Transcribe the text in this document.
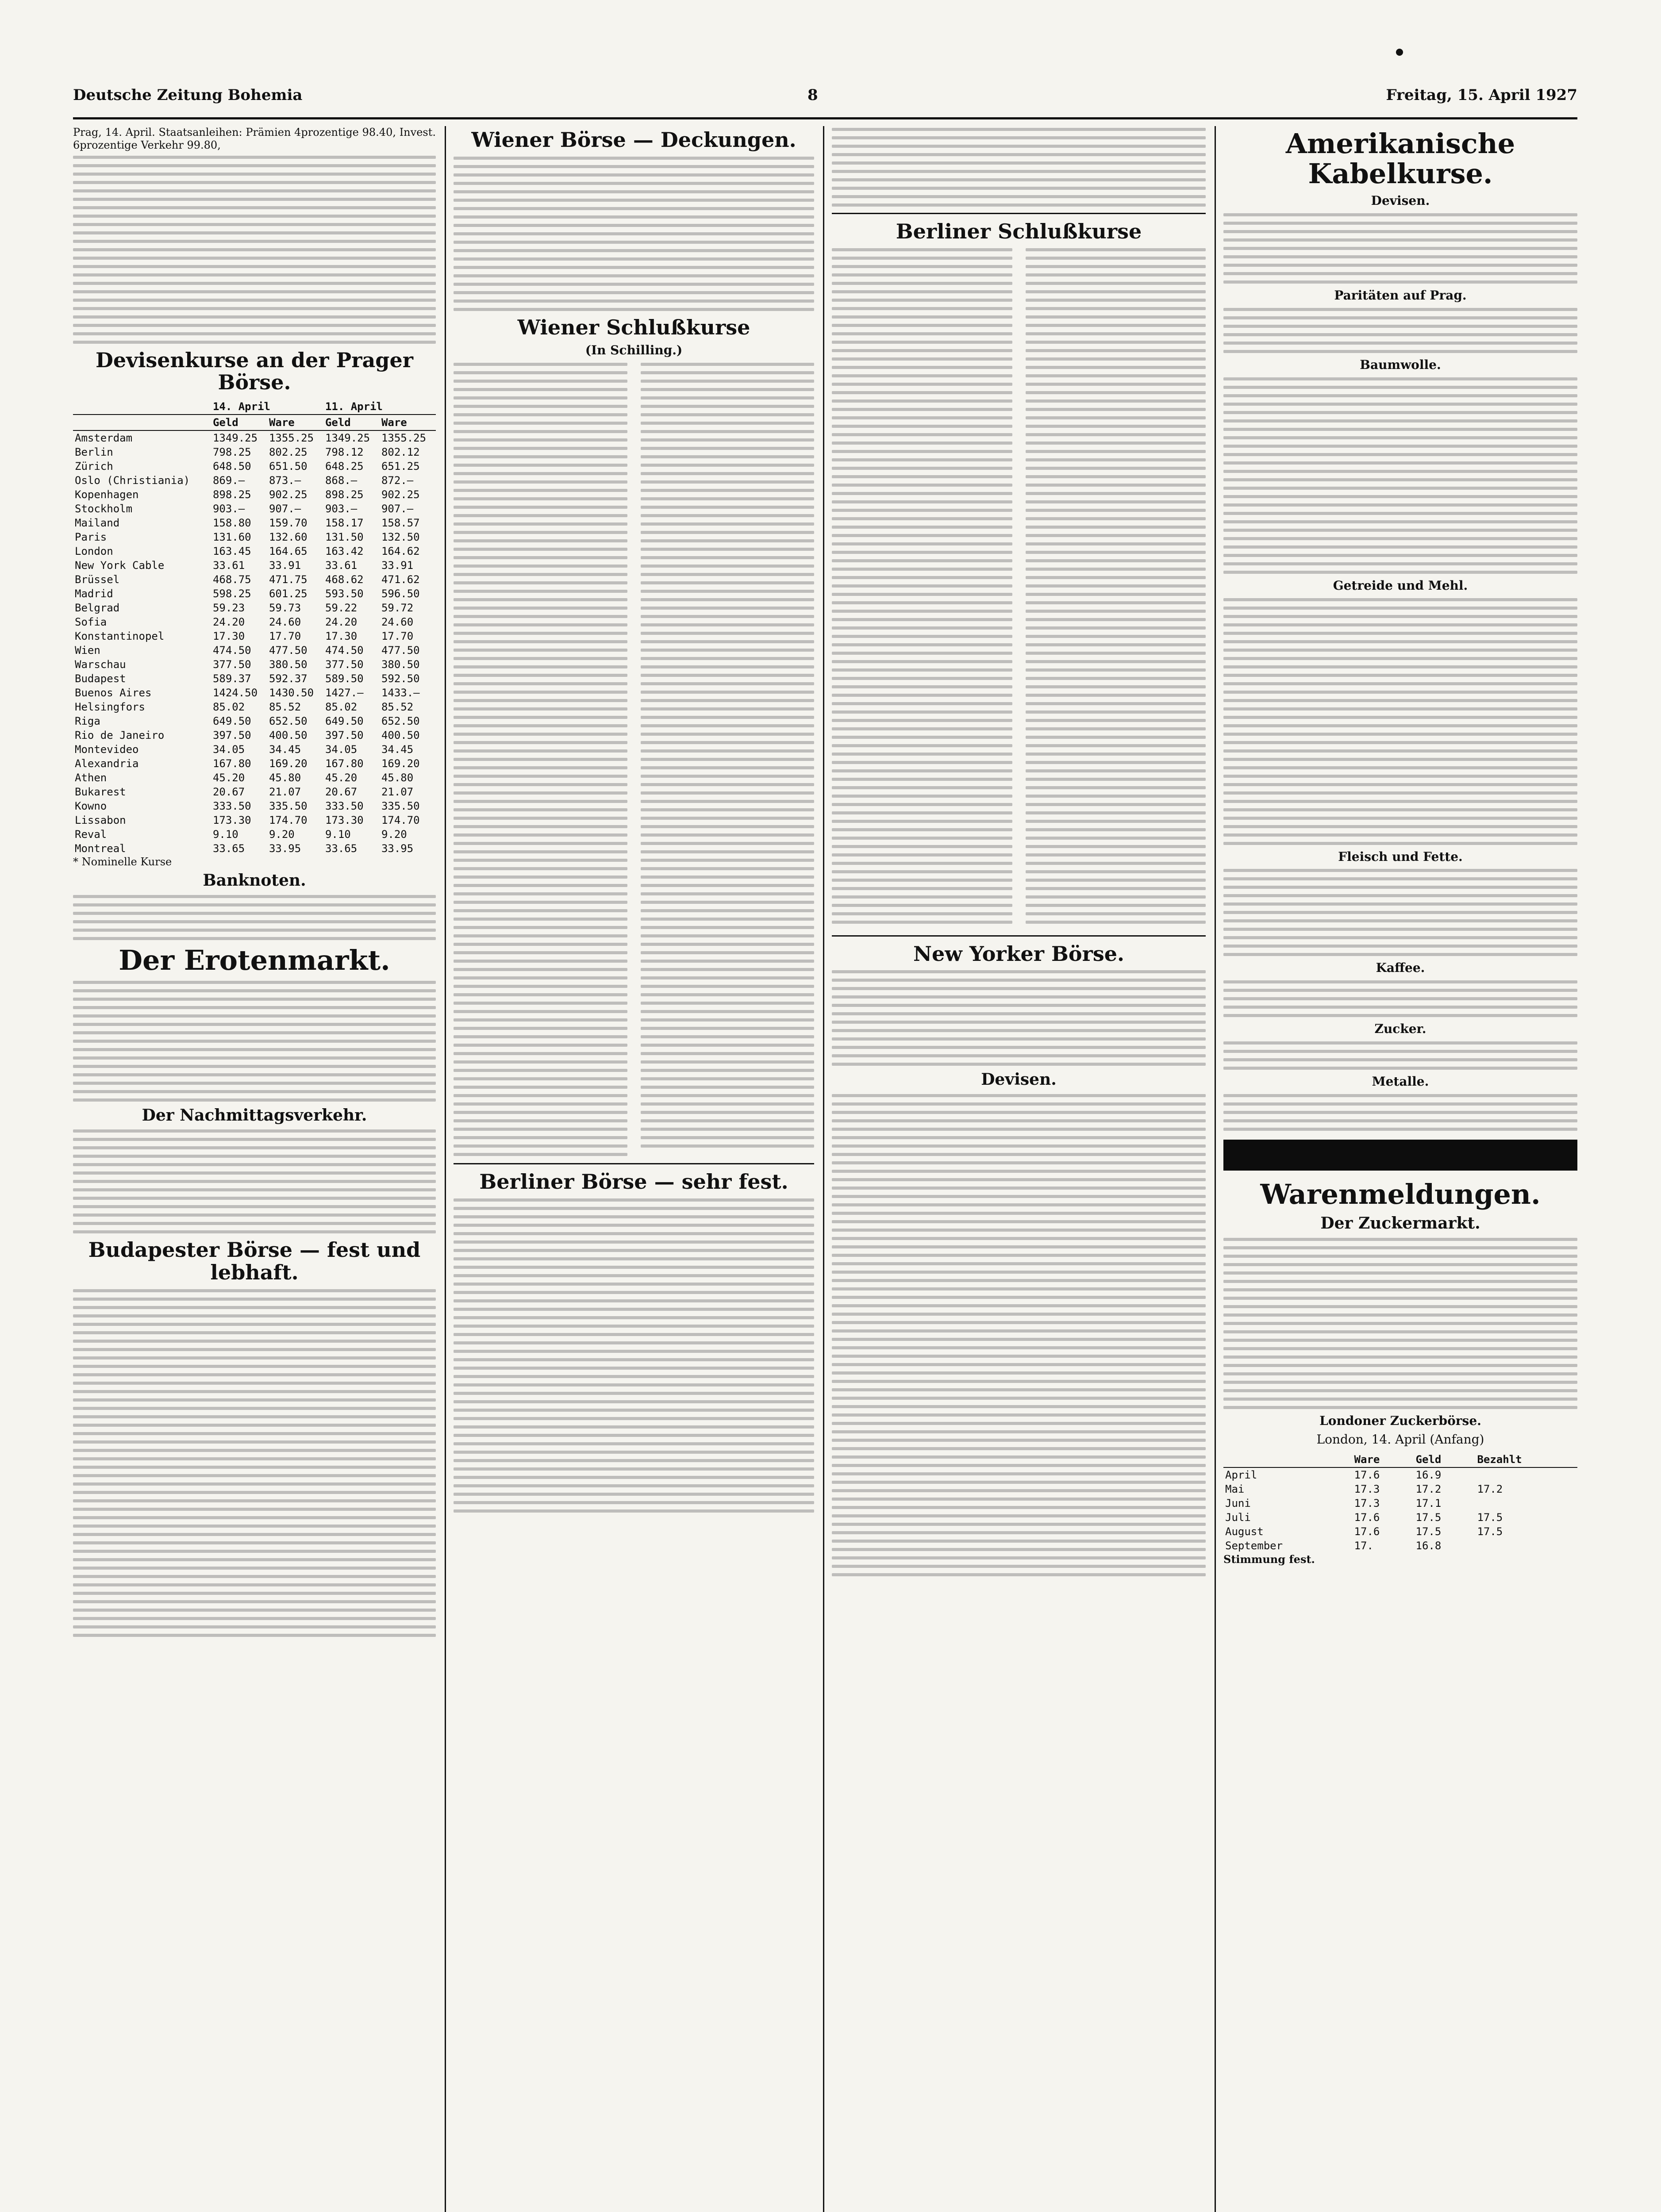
Deutsche Zeitung Bohemia	8	Freitag, 15. April 1927

Prag, 14. April. Staatsanleihen: Prämien 4prozentige 98.40, Invest. 6prozentige Verkehr 99.80,

Devisenkurse an der Prager Börse.
	14. April		11. April	
	Geld	Ware	Geld	Ware
Amsterdam	1349.25	1355.25	1349.25	1355.25
Berlin	798.25	802.25	798.12	802.12
Zürich	648.50	651.50	648.25	651.25
Oslo (Christiania)	869.—	873.—	868.—	872.—
Kopenhagen	898.25	902.25	898.25	902.25
Stockholm	903.—	907.—	903.—	907.—
Mailand	158.80	159.70	158.17	158.57
Paris	131.60	132.60	131.50	132.50
London	163.45	164.65	163.42	164.62
New York Cable	33.61	33.91	33.61	33.91
Brüssel	468.75	471.75	468.62	471.62
Madrid	598.25	601.25	593.50	596.50
Belgrad	59.23	59.73	59.22	59.72
Sofia	24.20	24.60	24.20	24.60
Konstantinopel	17.30	17.70	17.30	17.70
Wien	474.50	477.50	474.50	477.50
Warschau	377.50	380.50	377.50	380.50
Budapest	589.37	592.37	589.50	592.50
Buenos Aires	1424.50	1430.50	1427.—	1433.—
Helsingfors	85.02	85.52	85.02	85.52
Riga	649.50	652.50	649.50	652.50
Rio de Janeiro	397.50	400.50	397.50	400.50
Montevideo	34.05	34.45	34.05	34.45
Alexandria	167.80	169.20	167.80	169.20
Athen	45.20	45.80	45.20	45.80
Bukarest	20.67	21.07	20.67	21.07
Kowno	333.50	335.50	333.50	335.50
Lissabon	173.30	174.70	173.30	174.70
Reval	9.10	9.20	9.10	9.20
Montreal	33.65	33.95	33.65	33.95

* Nominelle Kurse

Banknoten.
Der Erotenmarkt.
Der Nachmittagsverkehr.
Budapester Börse — fest und lebhaft.
Wiener Börse — Deckungen.
Wiener Schlußkurse
(In Schilling.)
Berliner Börse — sehr fest.
Berliner Schlußkurse
New Yorker Börse.
Devisen.
Amerikanische Kabelkurse.
Devisen.
Paritäten auf Prag.
Baumwolle.
Getreide und Mehl.
Fleisch und Fette.
Kaffee.
Zucker.
Metalle.
Warenmeldungen.
Der Zuckermarkt.
Londoner Zuckerbörse.
London, 14. April (Anfang)
	Ware	Geld	Bezahlt
April	17.6	16.9	
Mai	17.3	17.2	17.2
Juni	17.3	17.1	
Juli	17.6	17.5	17.5
August	17.6	17.5	17.5
September	17.	16.8	

Stimmung fest.
